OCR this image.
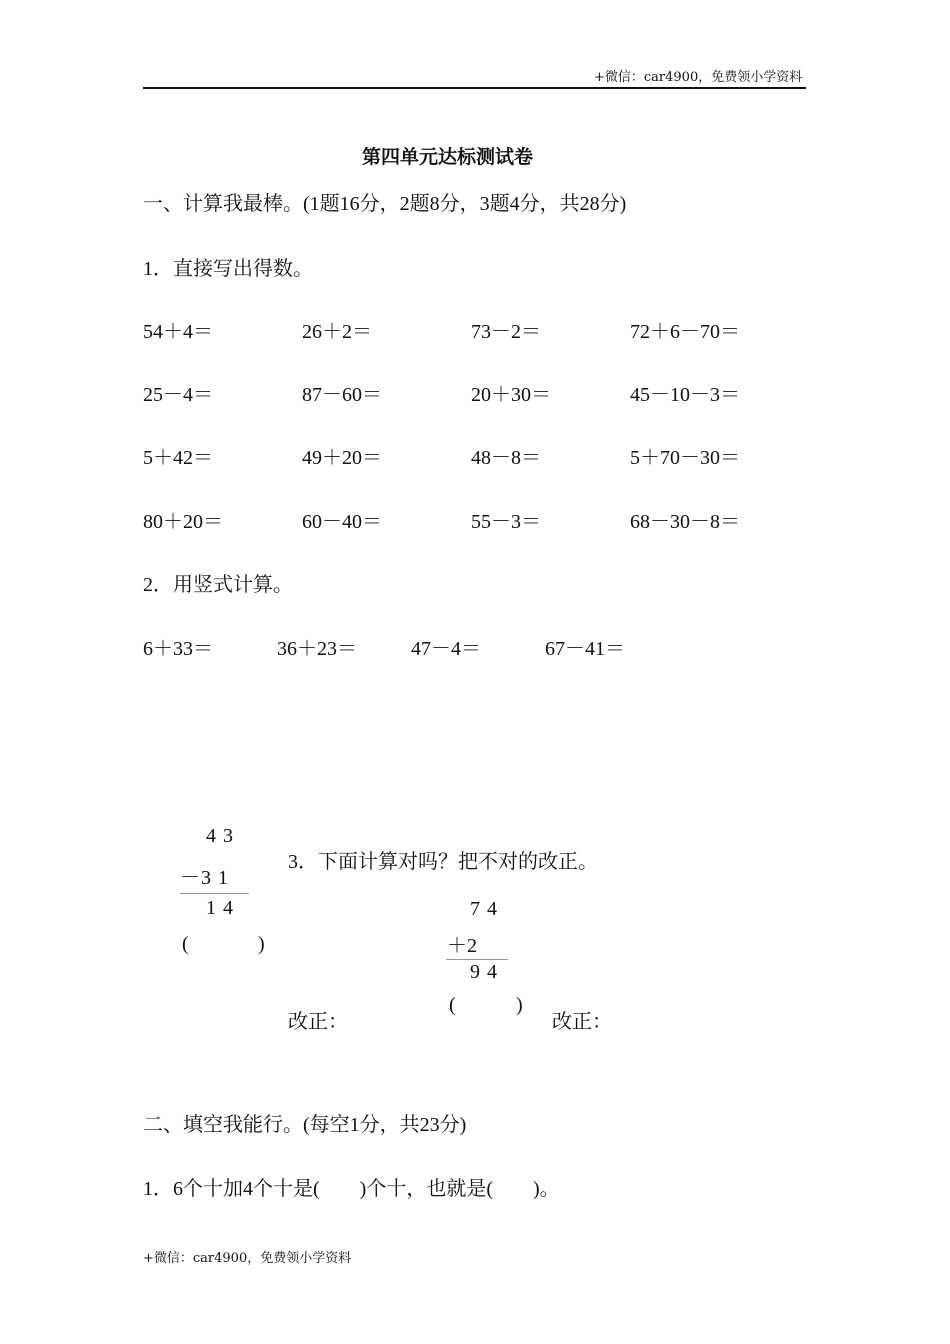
+微信：car4900，免费领小学资料
第四单元达标测试卷
一、计算我最棒。(1题16分，2题8分，3题4分，共28分)
1．直接写出得数。
54＋4＝	26＋2＝	73－2＝	72＋6－70＝
25－4＝	87－60＝	20＋30＝	45－10－3＝
5＋42＝	49＋20＝	48－8＝	5＋70－30＝
80＋20＝	60－40＝	55－3＝	68－30－8＝
2．用竖式计算。
6＋33＝	36＋23＝	47－4＝	67－41＝
4 3
－3 1
1 4
(	)
3．下面计算对吗？把不对的改正。
7 4
＋2
9 4
(	)
改正：	改正：
二、填空我能行。(每空1分，共23分)
1．6个十加4个十是(　　)个十，也就是(　　)。
+微信：car4900，免费领小学资料
